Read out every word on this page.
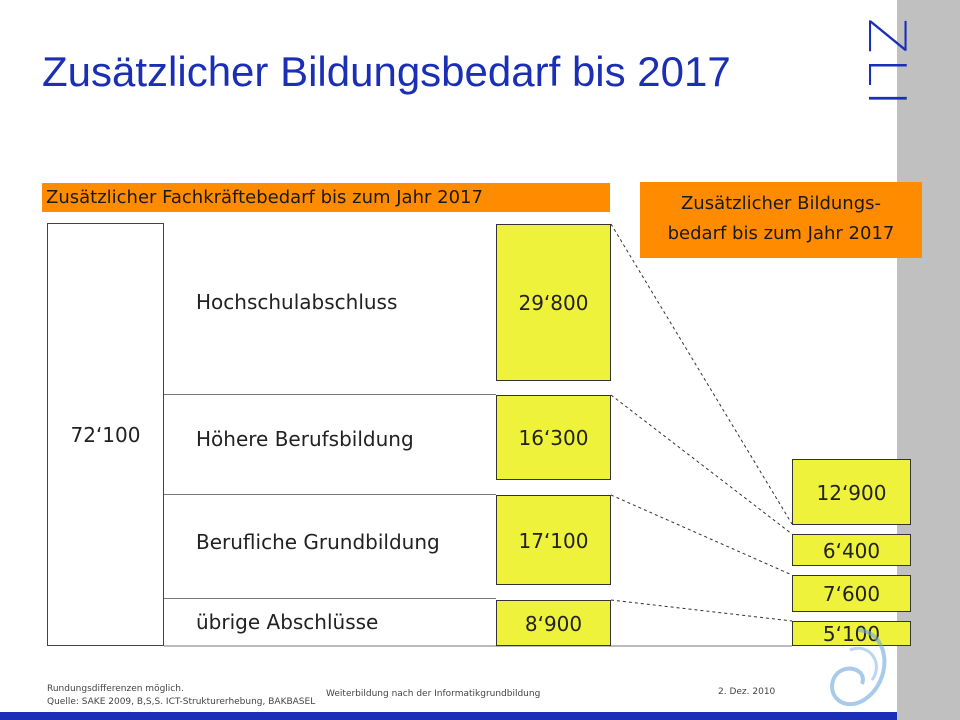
ZLI
Zusätzlicher Bildungsbedarf bis 2017
Zusätzlicher Fachkräftebedarf bis zum Jahr 2017	Zusätzlicher Bildungs-
bedarf bis zum Jahr 2017
72‘100
Hochschulabschluss
Höhere Berufsbildung
Berufliche Grundbildung
übrige Abschlüsse
29‘800
16‘300
17‘100
8‘900
12‘900
6‘400
7‘600
5‘100
Rundungsdifferenzen möglich.
Quelle: SAKE 2009, B,S,S. ICT-Strukturerhebung, BAKBASEL
Weiterbildung nach der Informatikgrundbildung	2. Dez. 2010
